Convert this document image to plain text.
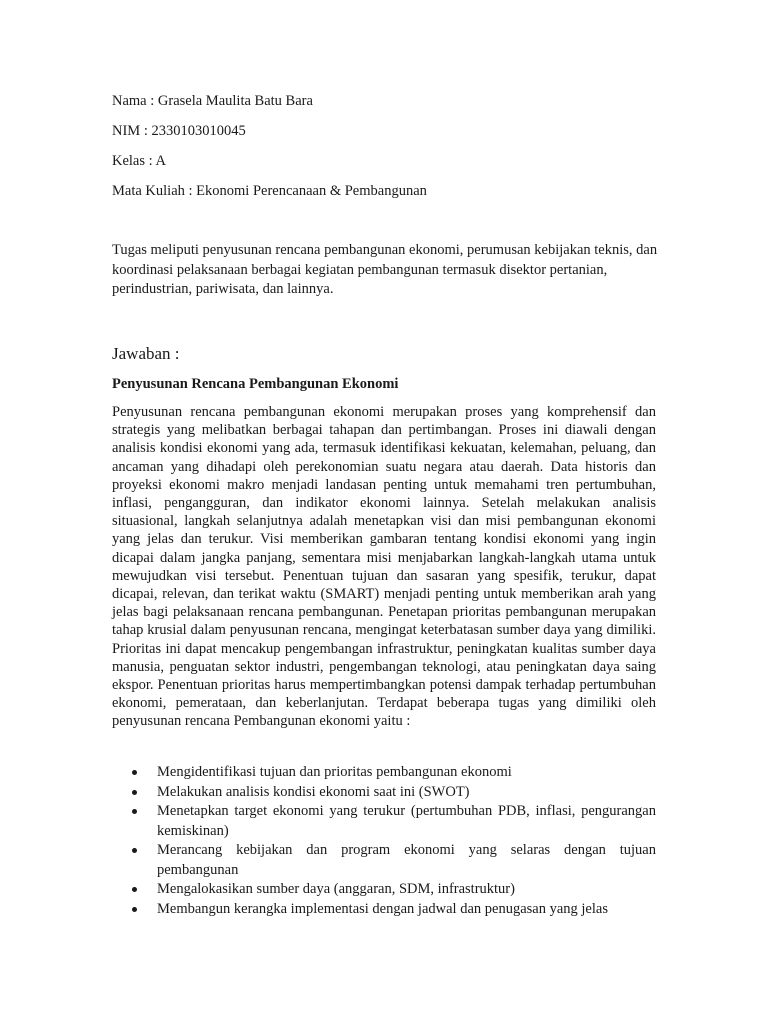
Nama : Grasela Maulita Batu Bara

NIM : 2330103010045

Kelas : A

Mata Kuliah : Ekonomi Perencanaan & Pembangunan

Tugas meliputi penyusunan rencana pembangunan ekonomi, perumusan kebijakan teknis, dan koordinasi pelaksanaan berbagai kegiatan pembangunan termasuk disektor pertanian, perindustrian, pariwisata, dan lainnya.

Jawaban :

Penyusunan Rencana Pembangunan Ekonomi

Penyusunan rencana pembangunan ekonomi merupakan proses yang komprehensif dan strategis yang melibatkan berbagai tahapan dan pertimbangan. Proses ini diawali dengan analisis kondisi ekonomi yang ada, termasuk identifikasi kekuatan, kelemahan, peluang, dan ancaman yang dihadapi oleh perekonomian suatu negara atau daerah. Data historis dan proyeksi ekonomi makro menjadi landasan penting untuk memahami tren pertumbuhan, inflasi, pengangguran, dan indikator ekonomi lainnya. Setelah melakukan analisis situasional, langkah selanjutnya adalah menetapkan visi dan misi pembangunan ekonomi yang jelas dan terukur. Visi memberikan gambaran tentang kondisi ekonomi yang ingin dicapai dalam jangka panjang, sementara misi menjabarkan langkah-langkah utama untuk mewujudkan visi tersebut. Penentuan tujuan dan sasaran yang spesifik, terukur, dapat dicapai, relevan, dan terikat waktu (SMART) menjadi penting untuk memberikan arah yang jelas bagi pelaksanaan rencana pembangunan. Penetapan prioritas pembangunan merupakan tahap krusial dalam penyusunan rencana, mengingat keterbatasan sumber daya yang dimiliki. Prioritas ini dapat mencakup pengembangan infrastruktur, peningkatan kualitas sumber daya manusia, penguatan sektor industri, pengembangan teknologi, atau peningkatan daya saing ekspor. Penentuan prioritas harus mempertimbangkan potensi dampak terhadap pertumbuhan ekonomi, pemerataan, dan keberlanjutan. Terdapat beberapa tugas yang dimiliki oleh penyusunan rencana Pembangunan ekonomi yaitu :

Mengidentifikasi tujuan dan prioritas pembangunan ekonomi
Melakukan analisis kondisi ekonomi saat ini (SWOT)
Menetapkan target ekonomi yang terukur (pertumbuhan PDB, inflasi, pengurangan kemiskinan)
Merancang kebijakan dan program ekonomi yang selaras dengan tujuan pembangunan
Mengalokasikan sumber daya (anggaran, SDM, infrastruktur)
Membangun kerangka implementasi dengan jadwal dan penugasan yang jelas
